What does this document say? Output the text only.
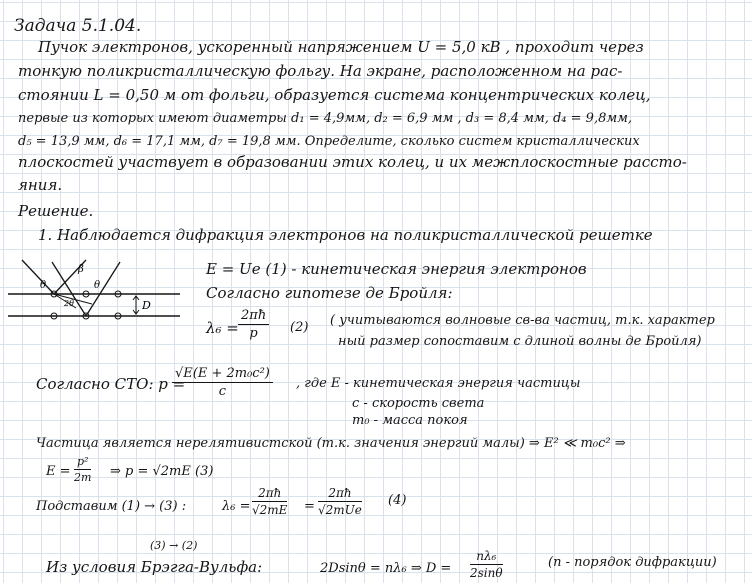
Задача 5.1.04.
Пучок электронов, ускоренный напряжением U = 5,0 кВ , проходит через
тонкую поликристаллическую фольгу. На экране, расположенном на рас-
стоянии L = 0,50 м от фольги, образуется система концентрических колец,
первые из которых имеют диаметры d₁ = 4,9мм, d₂ = 6,9 мм , d₃ = 8,4 мм, d₄ = 9,8мм,
d₅ = 13,9 мм, d₆ = 17,1 мм, d₇ = 19,8 мм. Определите, сколько систем кристаллических
плоскостей участвует в образовании этих колец, и их межплоскостные рассто-
яния.
Решение.
1. Наблюдается дифракция электронов на поликристаллической решетке
θ	θ
2θ
β
D
E = Ue (1) - кинетическая энергия электронов
Согласно гипотезе де Бройля:
$\lambda_6 = \frac{2\pi ħ}{p} (2)$ ( учитываются волновые св-ва частиц, т.к. характер
ный размер сопоставим с длиной волны де Бройля)
Согласно СТО: p =
$\frac{\text{√E(E + 2m₀c²)}}{c}$ , где E - кинетическая энергия частицы
c - скорость света
m₀ - масса покоя
Частица является нерелятивистской (т.к. значения энергий малы) ⇒ E² ≪ m₀c² ⇒
$E = \frac{\text{p²}}{2m}$ ⇒ p = √2mE (3)
Подставим (1) → (3) :	$\lambda_6 = \frac{2\pi ħ}{√2mE}$ =
2πħ
√2mUe
(4)
(3) → (2)
Из условия Брэгга-Вульфа:	2Dsinθ = nλ₆ ⇒ $D = \frac{\text{nλ₆}}{2\sin\theta}$	(n - порядок дифракции)
